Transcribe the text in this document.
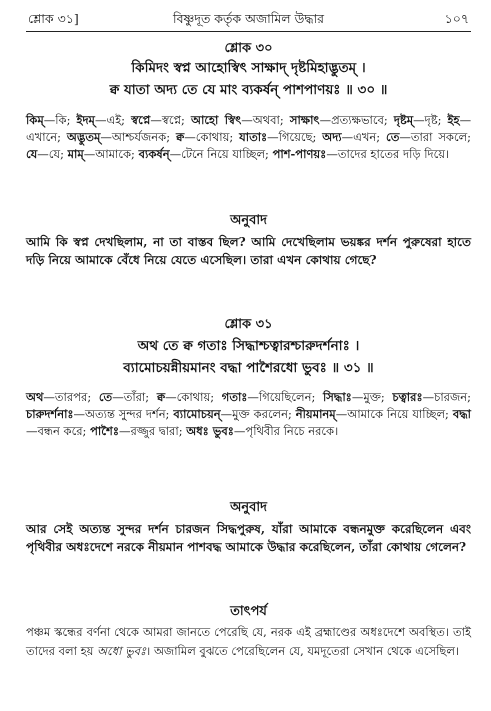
শ্লোক ৩১]	বিষ্ণুদূত কর্তৃক অজামিল উদ্ধার	১০৭
শ্লোক ৩০
কিমিদং স্বপ্ন আহোস্বিৎ সাক্ষাদ্ দৃষ্টমিহাদ্ভুতম্ ।
ক্ব যাতা অদ্য তে যে মাং ব্যকর্ষন্ পাশপাণয়ঃ ॥ ৩০ ॥
কিম্—কি; ইদম্—এই; স্বপ্নে—স্বপ্নে; আহো স্বিৎ—অথবা; সাক্ষাৎ—প্রত্যক্ষভাবে; দৃষ্টম্—দৃষ্ট; ইহ—এখানে; অদ্ভুতম্—আশ্চর্যজনক; ক্ব—কোথায়; যাতাঃ—গিয়েছে; অদ্য—এখন; তে—তারা সকলে; যে—যে; মাম্—আমাকে; ব্যকর্ষন্—টেনে নিয়ে যাচ্ছিল; পাশ-পাণয়ঃ—তাদের হাতের দড়ি দিয়ে।
অনুবাদ
আমি কি স্বপ্ন দেখছিলাম, না তা বাস্তব ছিল? আমি দেখেছিলাম ভয়ঙ্কর দর্শন পুরুষেরা হাতে দড়ি নিয়ে আমাকে বেঁধে নিয়ে যেতে এসেছিল। তারা এখন কোথায় গেছে?
শ্লোক ৩১
অথ তে ক্ব গতাঃ সিদ্ধাশ্চত্বারশ্চারুদর্শনাঃ ।
ব্যামোচয়ন্নীয়মানং বদ্ধা পাশৈরধো ভুবঃ ॥ ৩১ ॥
অথ—তারপর; তে—তাঁরা; ক্ব—কোথায়; গতাঃ—গিয়েছিলেন; সিদ্ধাঃ—মুক্ত; চত্বারঃ—চারজন; চারুদর্শনাঃ—অত্যন্ত সুন্দর দর্শন; ব্যামোচয়ন্—মুক্ত করলেন; নীয়মানম্—আমাকে নিয়ে যাচ্ছিল; বদ্ধা—বন্ধন করে; পাশৈঃ—রজ্জুর দ্বারা; অধঃ ভুবঃ—পৃথিবীর নিচে নরকে।
অনুবাদ
আর সেই অত্যন্ত সুন্দর দর্শন চারজন সিদ্ধপুরুষ, যাঁরা আমাকে বন্ধনমুক্ত করেছিলেন এবং পৃথিবীর অধঃদেশে নরকে নীয়মান পাশবদ্ধ আমাকে উদ্ধার করেছিলেন, তাঁরা কোথায় গেলেন?
তাৎপর্য
পঞ্চম স্কন্ধের বর্ণনা থেকে আমরা জানতে পেরেছি যে, নরক এই ব্রহ্মাণ্ডের অধঃদেশে অবস্থিত। তাই তাদের বলা হয় অধো ভুবঃ। অজামিল বুঝতে পেরেছিলেন যে, যমদূতেরা সেখান থেকে এসেছিল।
